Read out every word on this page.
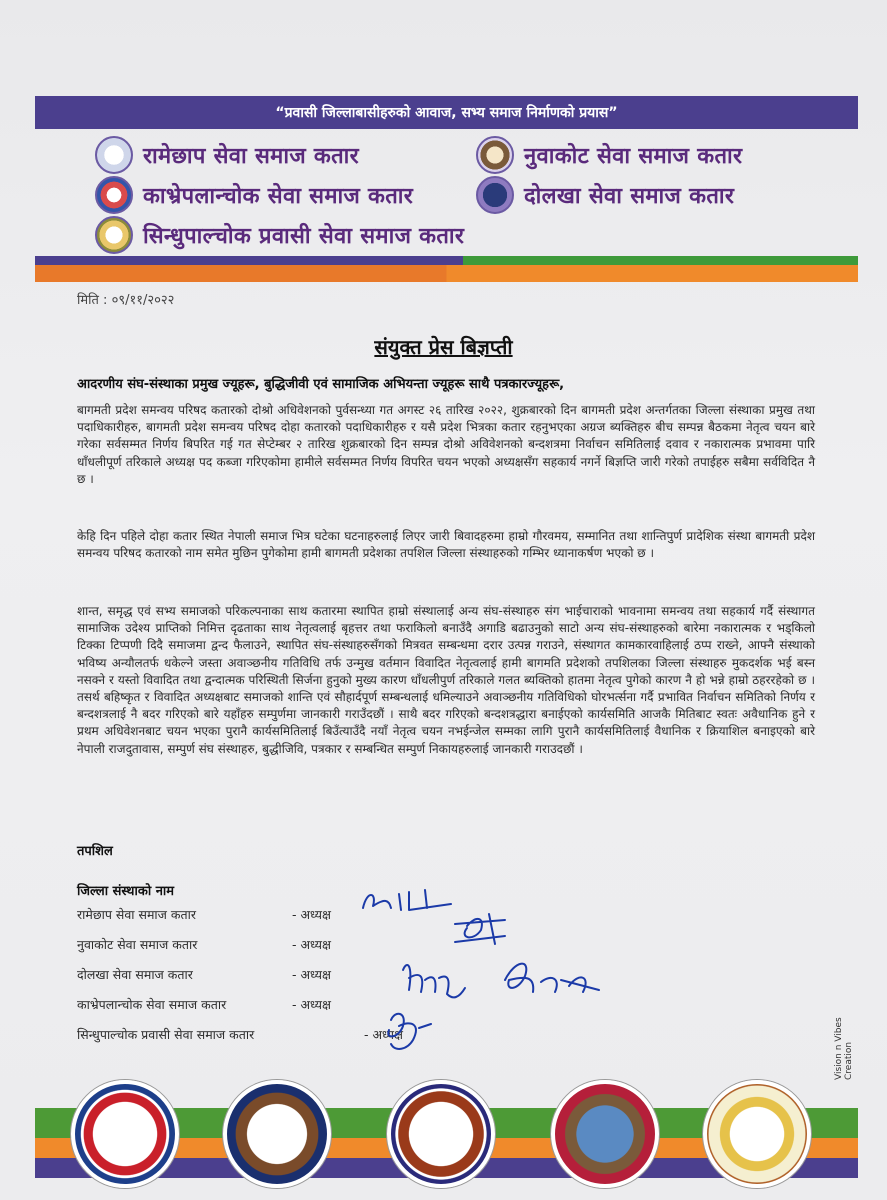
“प्रवासी जिल्लाबासीहरुको आवाज, सभ्य समाज निर्माणको प्रयास”
रामेछाप सेवा समाज कतार	नुवाकोट सेवा समाज कतार
काभ्रेपलान्चोक सेवा समाज कतार	दोलखा सेवा समाज कतार
सिन्धुपाल्चोक प्रवासी सेवा समाज कतार
मिति : ०९/११/२०२२
संयुक्त प्रेस बिज्ञप्ती
आदरणीय संघ-संस्थाका प्रमुख ज्यूहरू, बुद्धिजीवी एवं सामाजिक अभियन्ता ज्यूहरू साथै पत्रकारज्यूहरू,
बागमती प्रदेश समन्वय परिषद कतारको दोश्रो अधिवेशनको पुर्वसन्ध्या गत अगस्ट २६ तारिख २०२२, शुक्रबारको दिन बागमती प्रदेश अन्तर्गतका जिल्ला संस्थाका प्रमुख तथा पदाधिकारीहरु, बागमती प्रदेश समन्वय परिषद दोहा कतारको पदाधिकारीहरु र यसै प्रदेश भित्रका कतार रहनुभएका अग्रज ब्यक्तिहरु बीच सम्पन्न बैठकमा नेतृत्व चयन बारे गरेका सर्वसम्मत निर्णय बिपरित गई गत सेप्टेम्बर २ तारिख शुक्रबारको दिन सम्पन्न दोश्रो अविवेशनको बन्दशत्रमा निर्वाचन समितिलाई दवाव र नकारात्मक प्रभावमा पारि धाँधलीपूर्ण तरिकाले अध्यक्ष पद कब्जा गरिएकोमा हामीले सर्वसम्मत निर्णय विपरित चयन भएको अध्यक्षसँग सहकार्य नगर्ने बिज्ञप्ति जारी गरेको तपाईहरु सबैमा सर्वविदित नै छ ।
केहि दिन पहिले दोहा कतार स्थित नेपाली समाज भित्र घटेका घटनाहरुलाई लिएर जारी बिवादहरुमा हाम्रो गौरवमय, सम्मानित तथा शान्तिपुर्ण प्रादेशिक संस्था बागमती प्रदेश समन्वय परिषद कतारको नाम समेत मुछिन पुगेकोमा हामी बागमती प्रदेशका तपशिल जिल्ला संस्थाहरुको गम्भिर ध्यानाकर्षण भएको छ ।
शान्त, समृद्ध एवं सभ्य समाजको परिकल्पनाका साथ कतारमा स्थापित हाम्रो संस्थालाई अन्य संघ-संस्थाहरु संग भाईचाराको भावनामा समन्वय तथा सहकार्य गर्दै संस्थागत सामाजिक उदेश्य प्राप्तिको निमित्त दृढताका साथ नेतृत्वलाई बृहत्तर तथा फराकिलो बनाउँदै अगाडि बढाउनुको साटो अन्य संघ-संस्थाहरुको बारेमा नकारात्मक र भड्किलो टिक्का टिप्पणी दिदै समाजमा द्वन्द फैलाउने, स्थापित संघ-संस्थाहरुसँगको मित्रवत सम्बन्धमा दरार उत्पन्न गराउने, संस्थागत कामकारवाहिलाई ठप्प राख्ने, आफ्नै संस्थाको भविष्य अन्यौलतर्फ धकेल्ने जस्ता अवाञ्छनीय गतिविधि तर्फ उन्मुख वर्तमान विवादित नेतृत्वलाई हामी बागमति प्रदेशको तपशिलका जिल्ला संस्थाहरु मुकदर्शक भई बस्न नसक्ने र यस्तो विवादित तथा द्वन्दात्मक परिस्थिती सिर्जना हुनुको मुख्य कारण धाँधलीपुर्ण तरिकाले गलत ब्यक्तिको हातमा नेतृत्व पुगेको कारण नै हो भन्ने हाम्रो ठहररहेको छ । तसर्थ बहिष्कृत र विवादित अध्यक्षबाट समाजको शान्ति एवं सौहार्दपूर्ण सम्बन्धलाई धमिल्याउने अवाञ्छनीय गतिविधिको घोरभर्त्सना गर्दै प्रभावित निर्वाचन समितिको निर्णय र बन्दशत्रलाई नै बदर गरिएको बारे यहाँहरु सम्पुर्णमा जानकारी गराउँदछौं । साथै बदर गरिएको बन्दशत्रद्धारा बनाईएको कार्यसमिति आजकै मितिबाट स्वतः अवैधानिक हुने र प्रथम अधिवेशनबाट चयन भएका पुरानै कार्यसमितिलाई बिउँत्याउँदै नयाँ नेतृत्व चयन नभईन्जेल सम्मका लागि पुरानै कार्यसमितिलाई वैधानिक र क्रियाशिल बनाइएको बारे नेपाली राजदुतावास, सम्पुर्ण संघ संस्थाहरु, बुद्धीजिवि, पत्रकार र सम्बन्धित सम्पुर्ण निकायहरुलाई जानकारी गराउदछौं ।
तपशिल
जिल्ला संस्थाको नाम
रामेछाप सेवा समाज कतार	- अध्यक्ष
नुवाकोट सेवा समाज कतार	- अध्यक्ष
दोलखा सेवा समाज कतार	- अध्यक्ष
काभ्रेपलान्चोक सेवा समाज कतार	- अध्यक्ष
सिन्धुपाल्चोक प्रवासी सेवा समाज कतार	- अध्यक्ष	Vision n Vibes Creation
